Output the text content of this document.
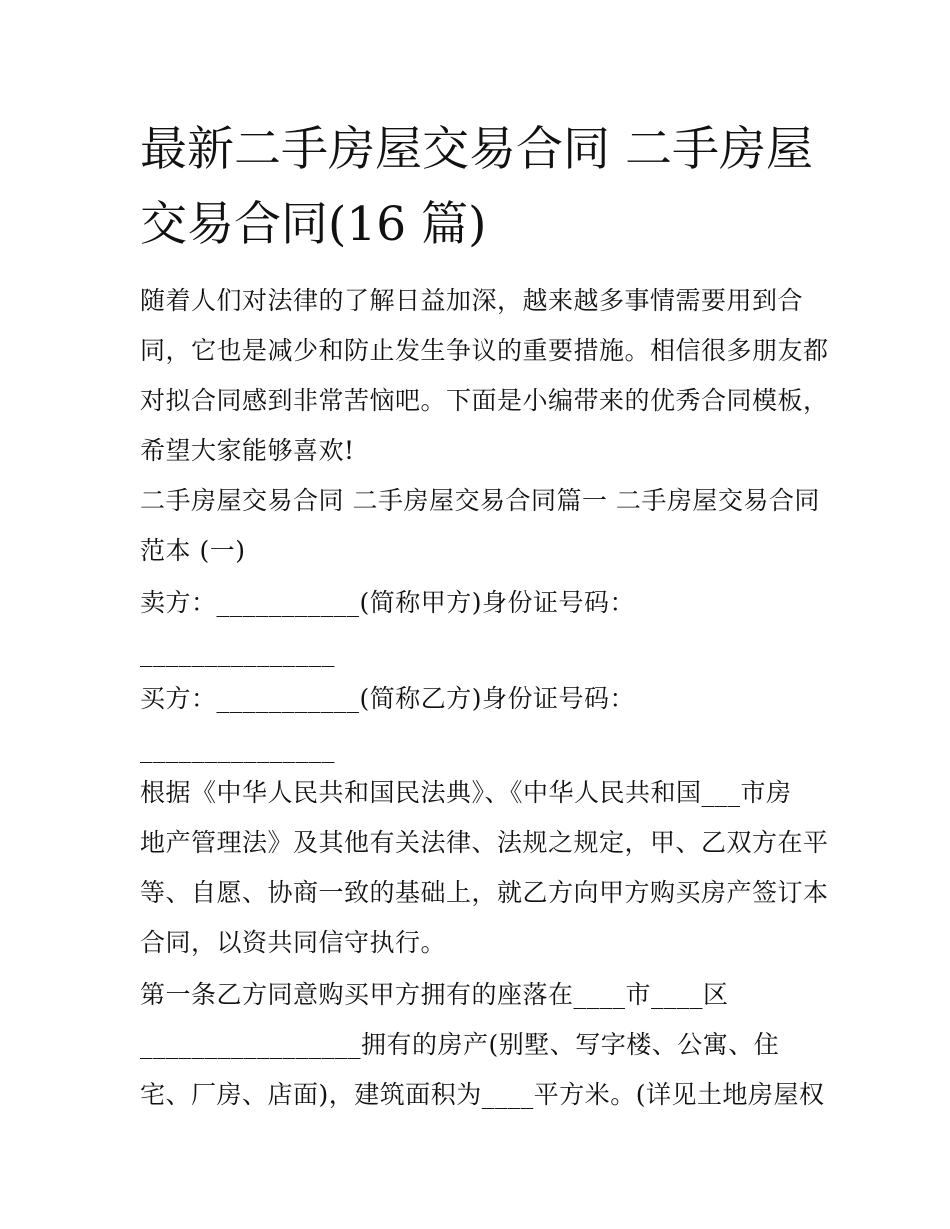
最新二手房屋交易合同 二手房屋交易合同(16 篇)
随着人们对法律的了解日益加深，越来越多事情需要用到合
同，它也是减少和防止发生争议的重要措施。相信很多朋友都
对拟合同感到非常苦恼吧。下面是小编带来的优秀合同模板，
希望大家能够喜欢!
二手房屋交易合同 二手房屋交易合同篇一 二手房屋交易合同
范本 (一)
卖方：___________(简称甲方)身份证号码：
_______________
买方：___________(简称乙方)身份证号码：
_______________
根据《中华人民共和国民法典》、《中华人民共和国___市房
地产管理法》及其他有关法律、法规之规定，甲、乙双方在平
等、自愿、协商一致的基础上，就乙方向甲方购买房产签订本
合同，以资共同信守执行。
第一条乙方同意购买甲方拥有的座落在____市____区
_________________拥有的房产(别墅、写字楼、公寓、住
宅、厂房、店面)，建筑面积为____平方米。(详见土地房屋权
